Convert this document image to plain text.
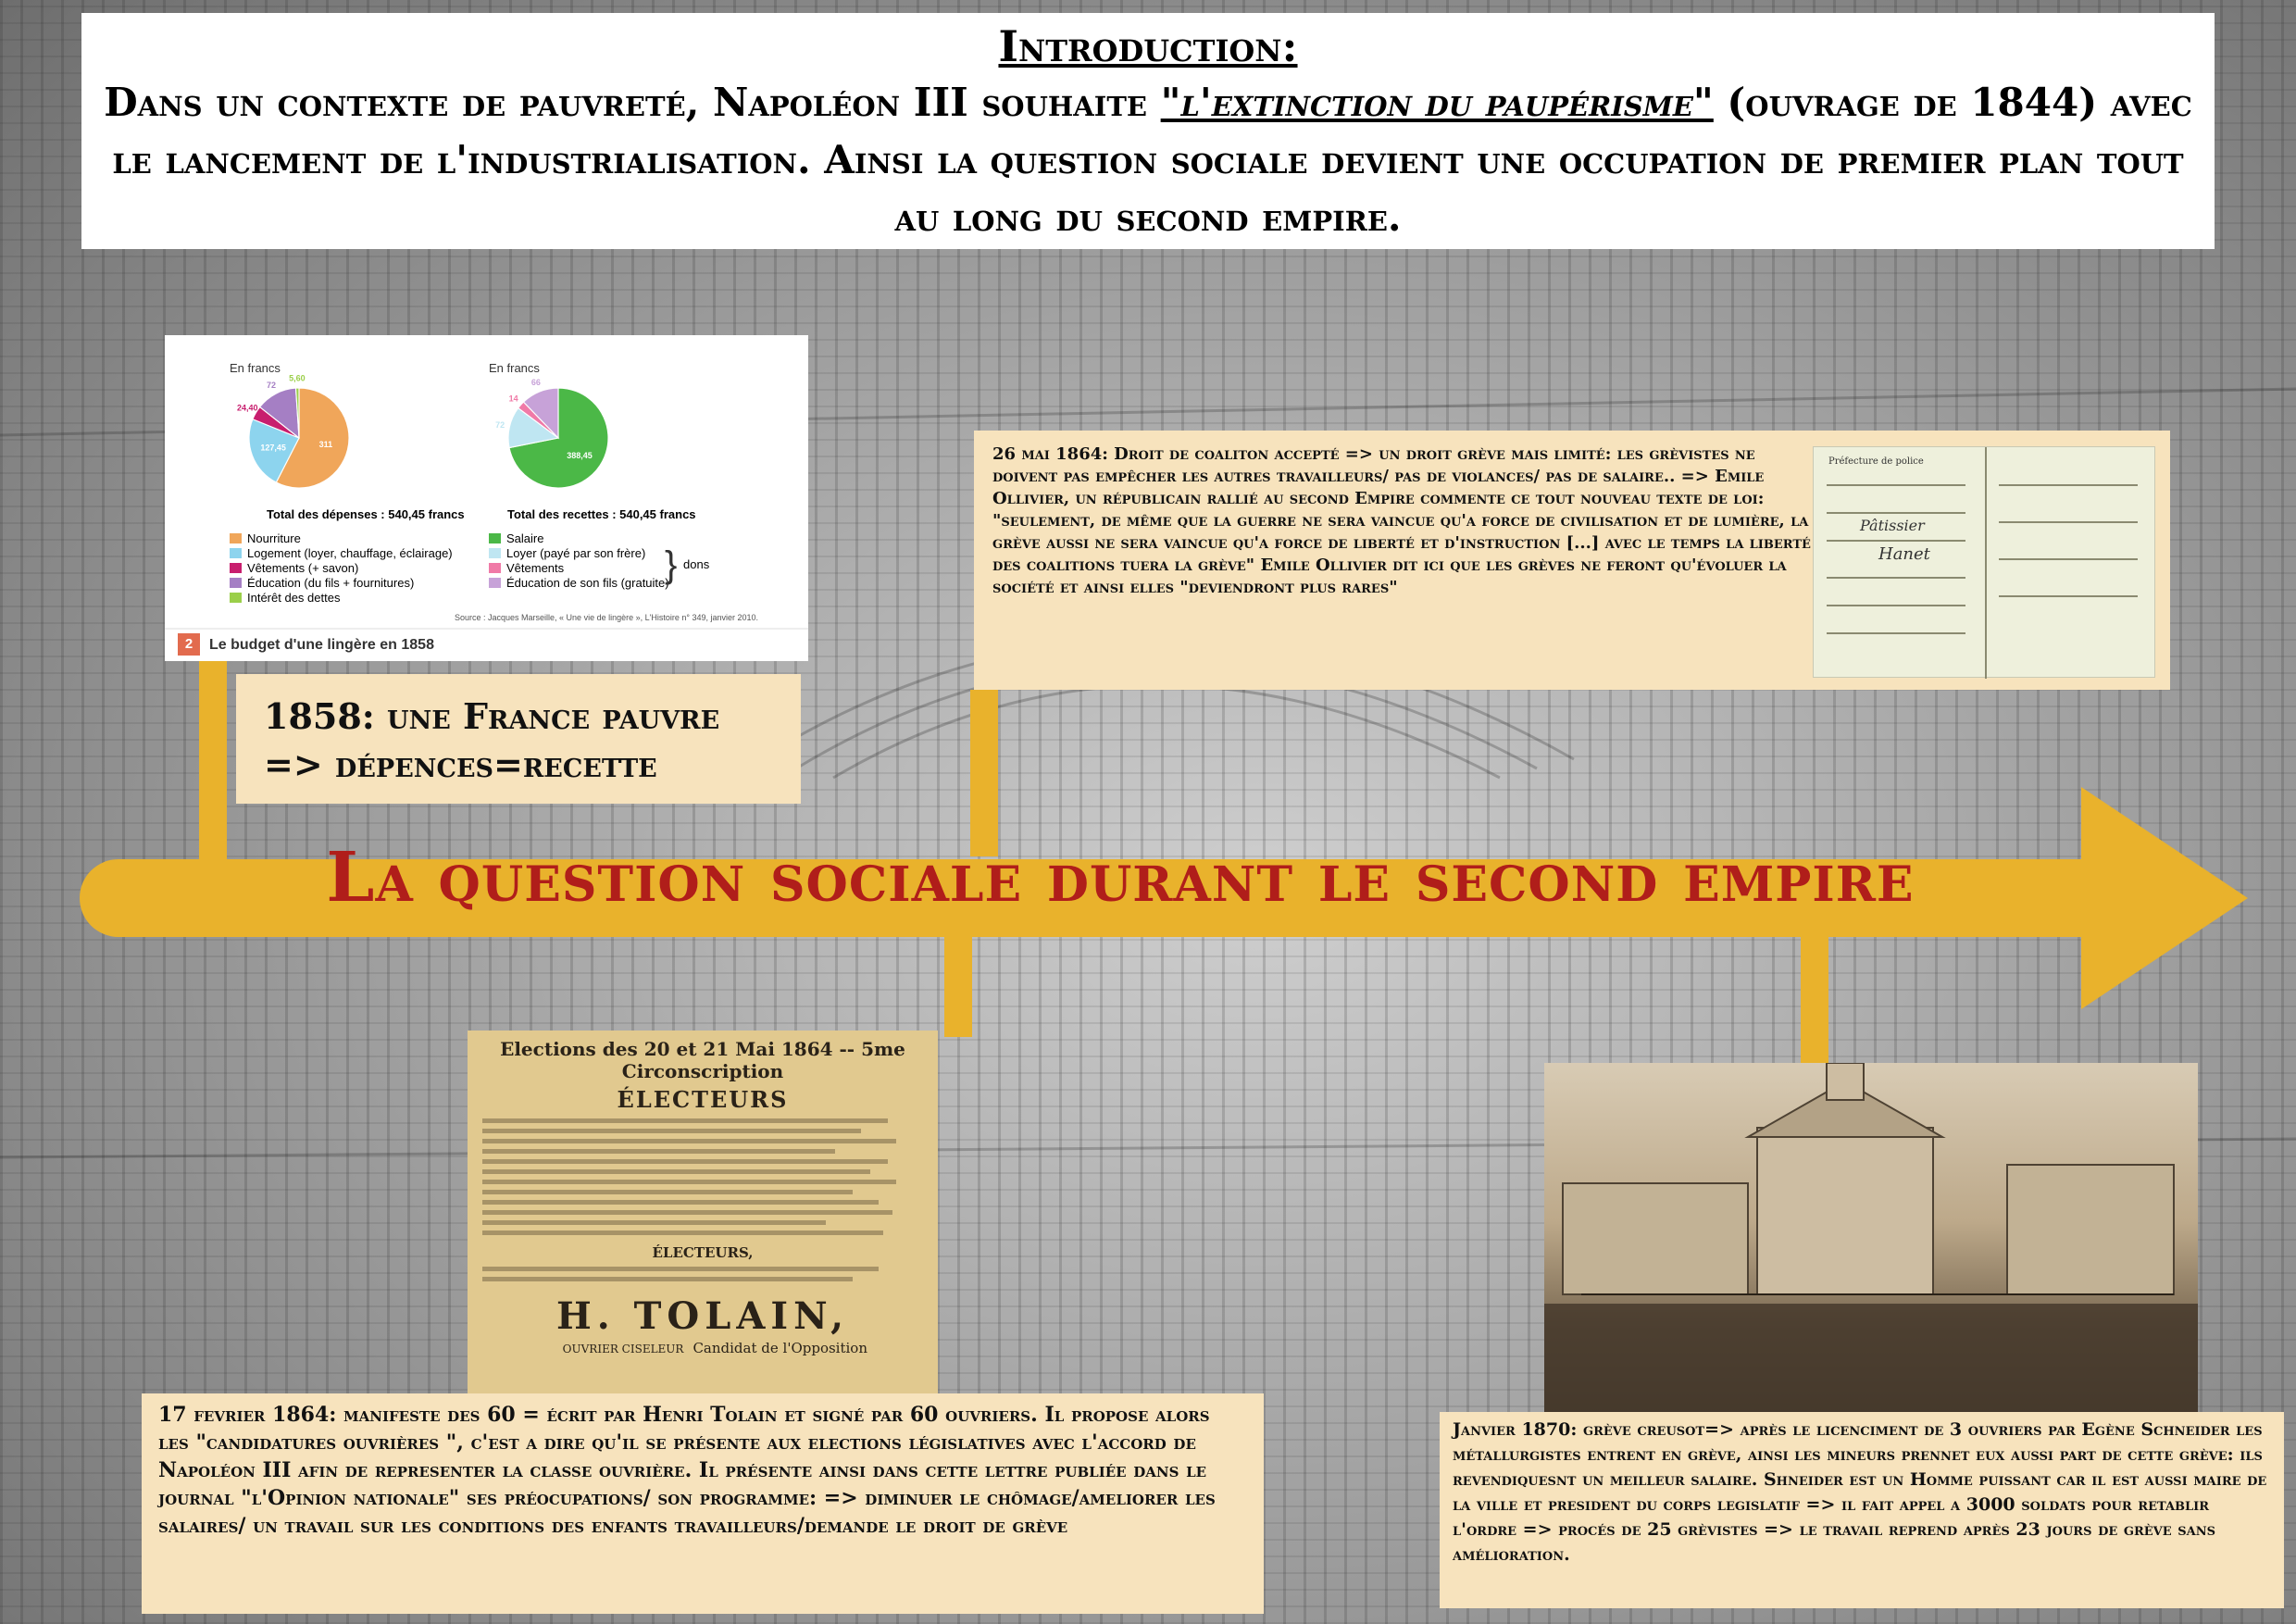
Introduction:
Dans un contexte de pauvreté, Napoléon III souhaite "l'extinction du paupérisme" (ouvrage de 1844) avec le lancement de l'industrialisation. Ainsi la question sociale devient une occupation de premier plan tout au long du second empire.
La question sociale durant le second empire
En francs	En francs
311
127,45
24,40
72
5,60
388,45
72
14
66
Total des dépenses : 540,45 francs	Total des recettes : 540,45 francs
Nourriture
Logement (loyer, chauffage, éclairage)
Vêtements (+ savon)
Éducation (du fils + fournitures)
Intérêt des dettes
Salaire
Loyer (payé par son frère)
Vêtements
Éducation de son fils (gratuite)
} dons
Source : Jacques Marseille, « Une vie de lingère », L'Histoire n° 349, janvier 2010.
2	Le budget d'une lingère en 1858
1858: une France pauvre
=> dépences=recette
26 mai 1864: Droit de coaliton accepté => un droit grève mais limité: les grèvistes ne doivent pas empêcher les autres travailleurs/ pas de violances/ pas de salaire.. => Emile Ollivier, un républicain rallié au second Empire commente ce tout nouveau texte de loi: "seulement, de même que la guerre ne sera vaincue qu'a force de civilisation et de lumière, la grève aussi ne sera vaincue qu'a force de liberté et d'instruction [...] avec le temps la liberté des coalitions tuera la grève" Emile Ollivier dit ici que les grèves ne feront qu'évoluer la société et ainsi elles "deviendront plus rares"
Préfecture de police
Pâtissier
Hanet
Elections des 20 et 21 Mai 1864 -- 5me Circonscription
ÉLECTEURS
ÉLECTEURS,
H. TOLAIN,
OUVRIER CISELEUR Candidat de l'Opposition
17 fevrier 1864: manifeste des 60 = écrit par Henri Tolain et signé par 60 ouvriers. Il propose alors les "candidatures ouvrières ", c'est a dire qu'il se présente aux elections législatives avec l'accord de Napoléon III afin de representer la classe ouvrière. Il présente ainsi dans cette lettre publiée dans le journal "l'Opinion nationale" ses préocupations/ son programme: => diminuer le chômage/ameliorer les salaires/ un travail sur les conditions des enfants travailleurs/demande le droit de grève
Janvier 1870: grève creusot=> après le licenciment de 3 ouvriers par Egène Schneider les métallurgistes entrent en grève, ainsi les mineurs prennet eux aussi part de cette grève: ils revendiquesnt un meilleur salaire. Shneider est un Homme puissant car il est aussi maire de la ville et president du corps legislatif => il fait appel a 3000 soldats pour retablir l'ordre => procés de 25 grèvistes => le travail reprend après 23 jours de grève sans amélioration.
